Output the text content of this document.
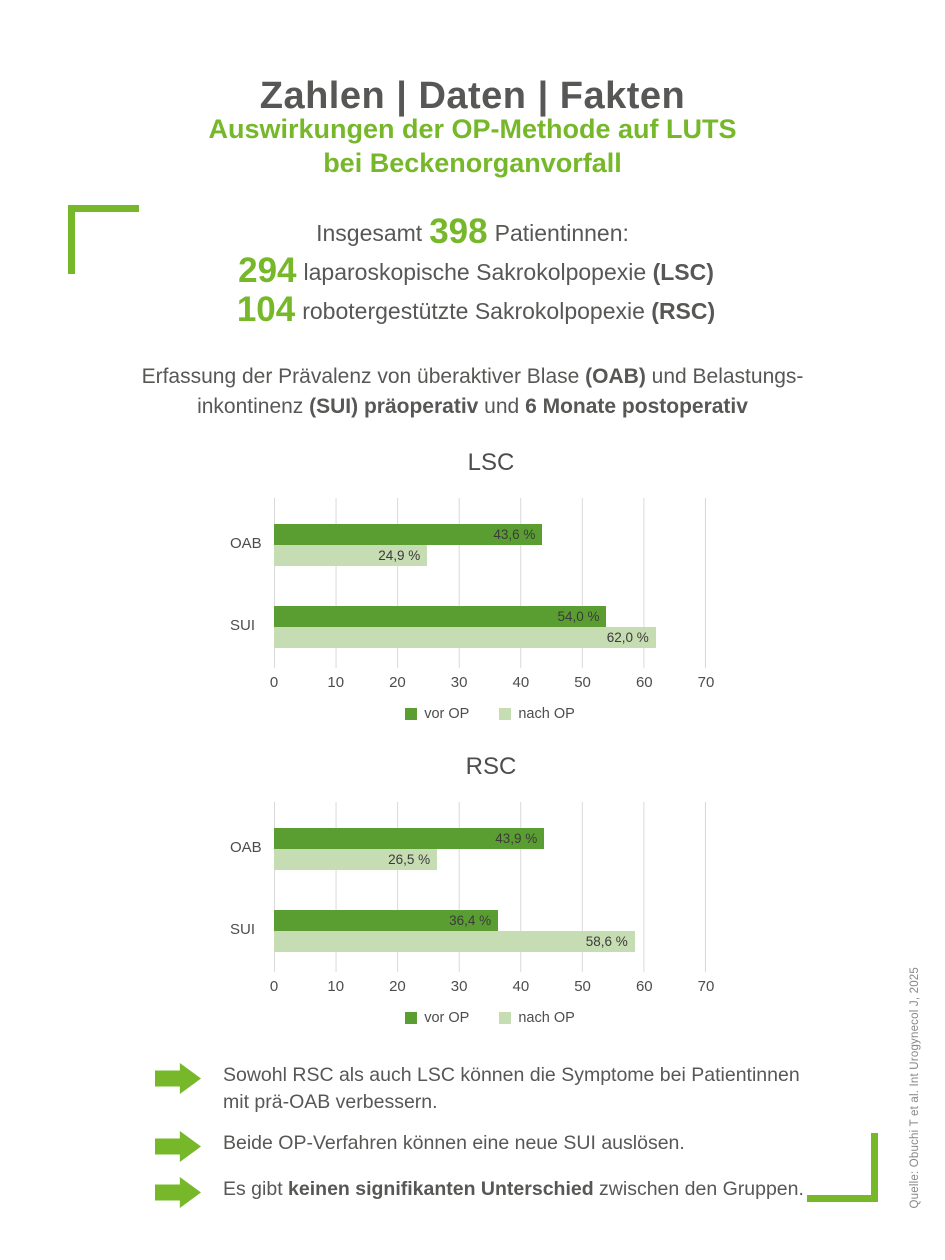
Zahlen | Daten | Fakten
Auswirkungen der OP-Methode auf LUTS
bei Beckenorganvorfall
Insgesamt 398 Patientinnen:
294 laparoskopische Sakrokolpopexie (LSC)
104 robotergestützte Sakrokolpopexie (RSC)
Erfassung der Prävalenz von überaktiver Blase (OAB) und Belastungs-
inkontinenz (SUI) präoperativ und 6 Monate postoperativ
LSC
OAB
SUI
43,6 %
24,9 %
54,0 %
62,0 %
0	10	20	30	40	50	60	70
vor OP	nach OP
RSC
OAB
SUI
43,9 %
26,5 %
36,4 %
58,6 %
0	10	20	30	40	50	60	70
vor OP	nach OP
Sowohl RSC als auch LSC können die Symptome bei Patientinnen mit prä-OAB verbessern.
Beide OP-Verfahren können eine neue SUI auslösen.
Es gibt keinen signifikanten Unterschied zwischen den Gruppen.	Quelle: Obuchi T et al. Int Urogynecol J, 2025
